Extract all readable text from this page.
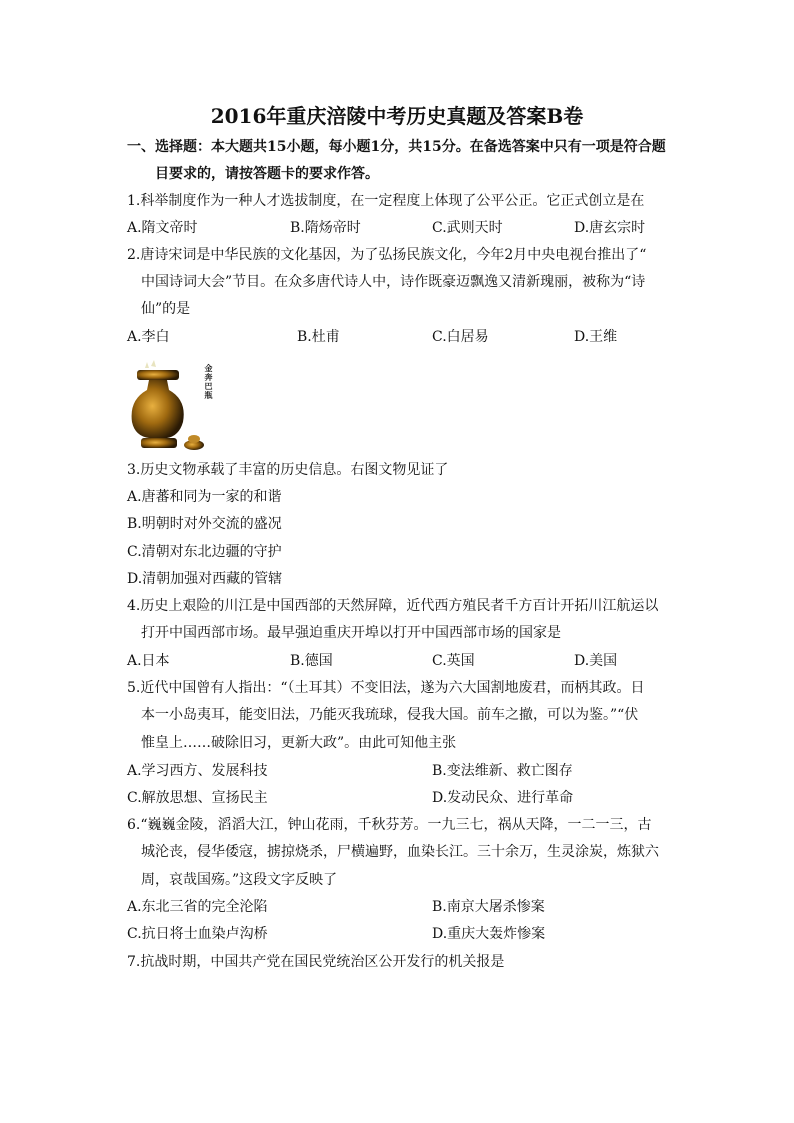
2016年重庆涪陵中考历史真题及答案B卷
一、选择题：本大题共15小题，每小题1分，共15分。在备选答案中只有一项是符合题
目要求的，请按答题卡的要求作答。
1.科举制度作为一种人才选拔制度，在一定程度上体现了公平公正。它正式创立是在
A.隋文帝时	B.隋炀帝时	C.武则天时	D.唐玄宗时
2.唐诗宋词是中华民族的文化基因，为了弘扬民族文化，今年2月中央电视台推出了“
中国诗词大会”节目。在众多唐代诗人中，诗作既豪迈飘逸又清新瑰丽，被称为“诗
仙”的是
A.李白	B.杜甫	C.白居易	D.王维
金奔巴瓶
3.历史文物承载了丰富的历史信息。右图文物见证了
A.唐蕃和同为一家的和谐
B.明朝时对外交流的盛况
C.清朝对东北边疆的守护
D.清朝加强对西藏的管辖
4.历史上艰险的川江是中国西部的天然屏障，近代西方殖民者千方百计开拓川江航运以
打开中国西部市场。最早强迫重庆开埠以打开中国西部市场的国家是
A.日本	B.德国	C.英国	D.美国
5.近代中国曾有人指出：“（土耳其）不变旧法，遂为六大国割地废君，而柄其政。日
本一小岛夷耳，能变旧法，乃能灭我琉球，侵我大国。前车之撤，可以为鉴。”“伏
惟皇上……破除旧习，更新大政”。由此可知他主张
A.学习西方、发展科技	B.变法维新、救亡图存
C.解放思想、宣扬民主	D.发动民众、进行革命
6.“巍巍金陵，滔滔大江，钟山花雨，千秋芬芳。一九三七，祸从天降，一二一三，古
城沦丧，侵华倭寇，掳掠烧杀，尸横遍野，血染长江。三十余万，生灵涂炭，炼狱六
周，哀哉国殇。”这段文字反映了
A.东北三省的完全沦陷	B.南京大屠杀惨案
C.抗日将士血染卢沟桥	D.重庆大轰炸惨案
7.抗战时期，中国共产党在国民党统治区公开发行的机关报是
